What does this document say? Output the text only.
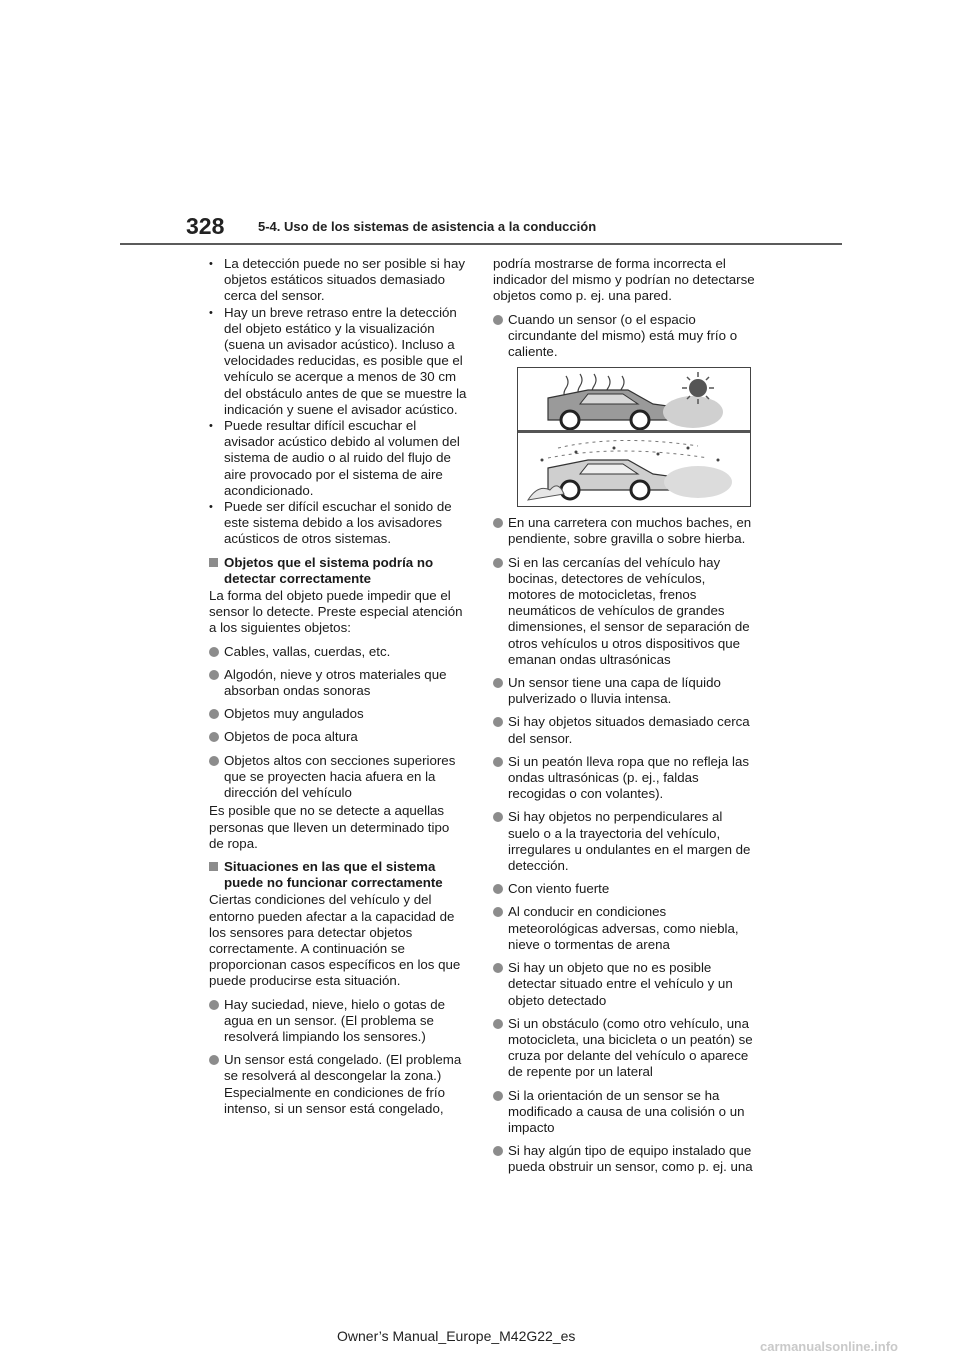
328	5-4. Uso de los sistemas de asistencia a la conducción
• La detección puede no ser posible si hay objetos estáticos situados demasiado cerca del sensor.
• Hay un breve retraso entre la detección del objeto estático y la visualización (suena un avisador acústico). Incluso a velocidades reducidas, es posible que el vehículo se acerque a menos de 30 cm del obstáculo antes de que se muestre la indicación y suene el avisador acústico.
• Puede resultar difícil escuchar el avisador acústico debido al volumen del sistema de audio o al ruido del flujo de aire provocado por el sistema de aire acondicionado.
• Puede ser difícil escuchar el sonido de este sistema debido a los avisadores acústicos de otros sistemas.
Objetos que el sistema podría no detectar correctamente

La forma del objeto puede impedir que el sensor lo detecte. Preste especial atención a los siguientes objetos:

Cables, vallas, cuerdas, etc.
Algodón, nieve y otros materiales que absorban ondas sonoras
Objetos muy angulados
Objetos de poca altura
Objetos altos con secciones superiores que se proyecten hacia afuera en la dirección del vehículo

Es posible que no se detecte a aquellas personas que lleven un determinado tipo de ropa.

Situaciones en las que el sistema puede no funcionar correctamente

Ciertas condiciones del vehículo y del entorno pueden afectar a la capacidad de los sensores para detectar objetos correctamente. A continuación se proporcionan casos específicos en los que puede producirse esta situación.

Hay suciedad, nieve, hielo o gotas de agua en un sensor. (El problema se resolverá limpiando los sensores.)
Un sensor está congelado. (El problema se resolverá al descongelar la zona.) Especialmente en condiciones de frío intenso, si un sensor está congelado,

podría mostrarse de forma incorrecta el indicador del mismo y podrían no detectarse objetos como p. ej. una pared.

Cuando un sensor (o el espacio circundante del mismo) está muy frío o caliente.
En una carretera con muchos baches, en pendiente, sobre gravilla o sobre hierba.
Si en las cercanías del vehículo hay bocinas, detectores de vehículos, motores de motocicletas, frenos neumáticos de vehículos de grandes dimensiones, el sensor de separación de otros vehículos u otros dispositivos que emanan ondas ultrasónicas
Un sensor tiene una capa de líquido pulverizado o lluvia intensa.
Si hay objetos situados demasiado cerca del sensor.
Si un peatón lleva ropa que no refleja las ondas ultrasónicas (p. ej., faldas recogidas o con volantes).
Si hay objetos no perpendiculares al suelo o a la trayectoria del vehículo, irregulares u ondulantes en el margen de detección.
Con viento fuerte
Al conducir en condiciones meteorológicas adversas, como niebla, nieve o tormentas de arena
Si hay un objeto que no es posible detectar situado entre el vehículo y un objeto detectado
Si un obstáculo (como otro vehículo, una motocicleta, una bicicleta o un peatón) se cruza por delante del vehículo o aparece de repente por un lateral
Si la orientación de un sensor se ha modificado a causa de una colisión o un impacto
Si hay algún tipo de equipo instalado que pueda obstruir un sensor, como p. ej. una
Owner’s Manual_Europe_M42G22_es
carmanualsonline.info
